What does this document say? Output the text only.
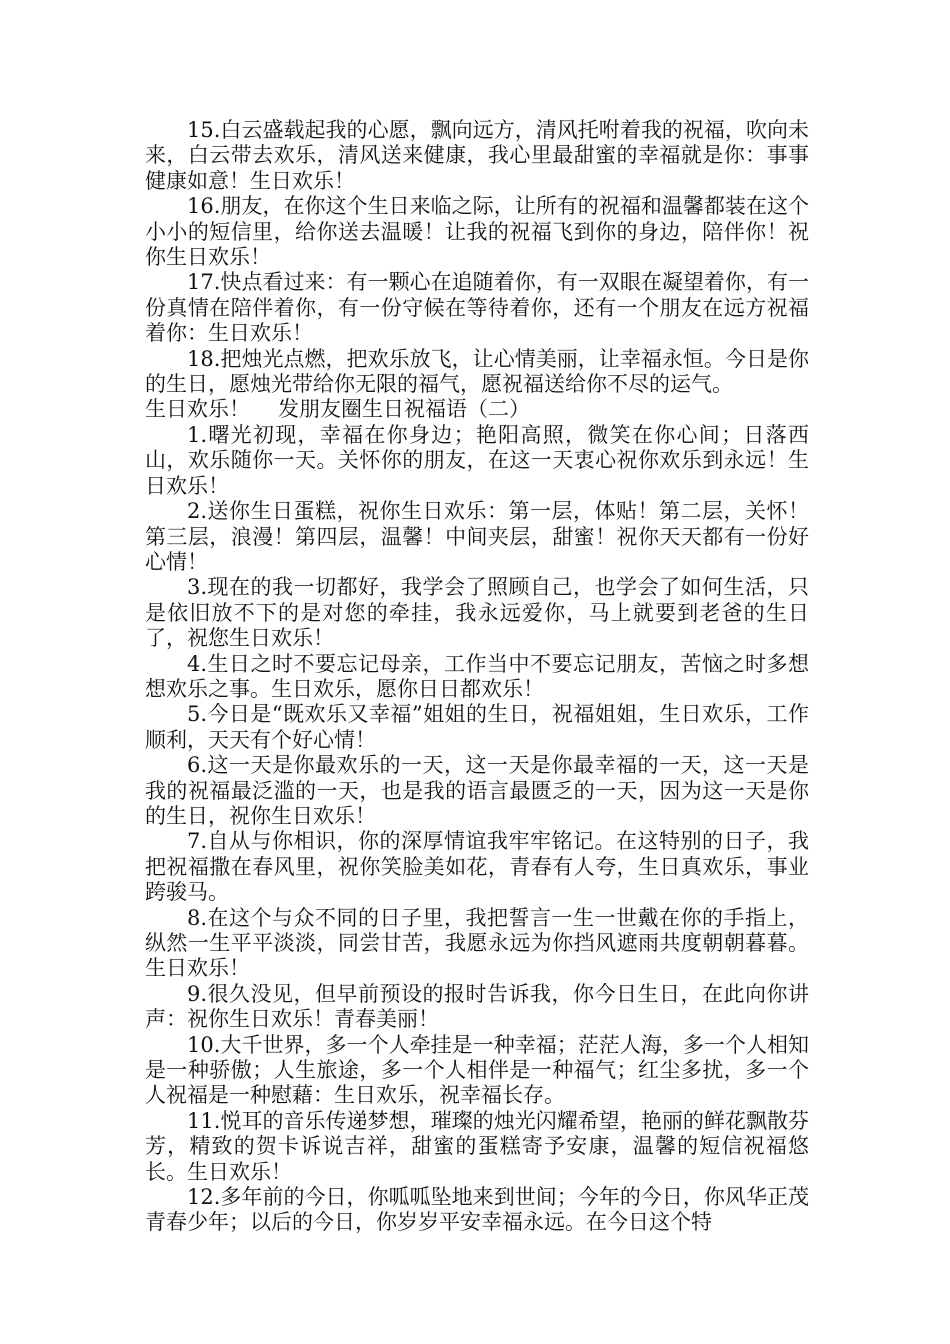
15.白云盛载起我的心愿，飘向远方，清风托咐着我的祝福，吹向未来，白云带去欢乐，清风送来健康，我心里最甜蜜的幸福就是你：事事健康如意！生日欢乐！

16.朋友，在你这个生日来临之际，让所有的祝福和温馨都装在这个小小的短信里，给你送去温暖！让我的祝福飞到你的身边，陪伴你！祝你生日欢乐！

17.快点看过来：有一颗心在追随着你，有一双眼在凝望着你，有一份真情在陪伴着你，有一份守候在等待着你，还有一个朋友在远方祝福着你：生日欢乐！

18.把烛光点燃，把欢乐放飞，让心情美丽，让幸福永恒。今日是你的生日，愿烛光带给你无限的福气，愿祝福送给你不尽的运气。

生日欢乐！ 发朋友圈生日祝福语（二）

1.曙光初现，幸福在你身边；艳阳高照，微笑在你心间；日落西山，欢乐随你一天。关怀你的朋友，在这一天衷心祝你欢乐到永远！生日欢乐！

2.送你生日蛋糕，祝你生日欢乐：第一层，体贴！第二层，关怀！第三层，浪漫！第四层，温馨！中间夹层，甜蜜！祝你天天都有一份好心情！

3.现在的我一切都好，我学会了照顾自己，也学会了如何生活，只是依旧放不下的是对您的牵挂，我永远爱你，马上就要到老爸的生日了，祝您生日欢乐！

4.生日之时不要忘记母亲，工作当中不要忘记朋友，苦恼之时多想想欢乐之事。生日欢乐，愿你日日都欢乐！

5.今日是“既欢乐又幸福”姐姐的生日，祝福姐姐，生日欢乐，工作顺利，天天有个好心情！

6.这一天是你最欢乐的一天，这一天是你最幸福的一天，这一天是我的祝福最泛滥的一天，也是我的语言最匮乏的一天，因为这一天是你的生日，祝你生日欢乐！

7.自从与你相识，你的深厚情谊我牢牢铭记。在这特别的日子，我把祝福撒在春风里，祝你笑脸美如花，青春有人夸，生日真欢乐，事业跨骏马。

8.在这个与众不同的日子里，我把誓言一生一世戴在你的手指上，纵然一生平平淡淡，同尝甘苦，我愿永远为你挡风遮雨共度朝朝暮暮。生日欢乐！

9.很久没见，但早前预设的报时告诉我，你今日生日，在此向你讲声：祝你生日欢乐！青春美丽！

10.大千世界，多一个人牵挂是一种幸福；茫茫人海，多一个人相知是一种骄傲；人生旅途，多一个人相伴是一种福气；红尘多扰，多一个人祝福是一种慰藉：生日欢乐，祝幸福长存。

11.悦耳的音乐传递梦想，璀璨的烛光闪耀希望，艳丽的鲜花飘散芬芳，精致的贺卡诉说吉祥，甜蜜的蛋糕寄予安康，温馨的短信祝福悠长。生日欢乐！

12.多年前的今日，你呱呱坠地来到世间；今年的今日，你风华正茂青春少年；以后的今日，你岁岁平安幸福永远。在今日这个特
